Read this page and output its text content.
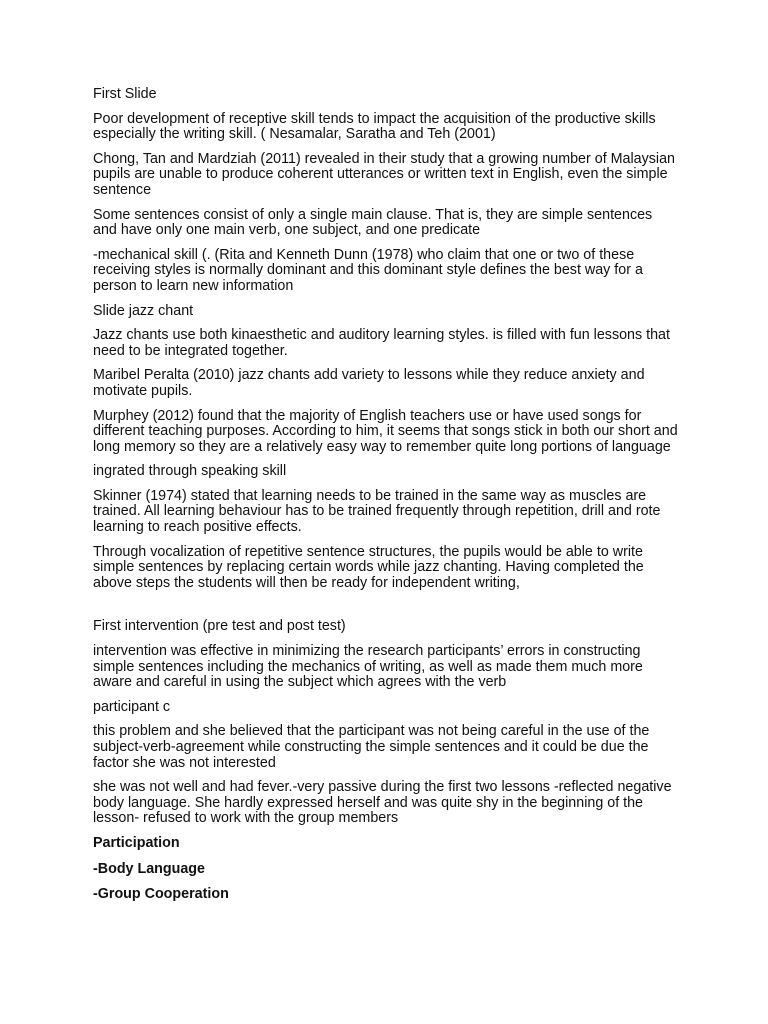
First Slide

Poor development of receptive skill tends to impact the acquisition of the productive skills
especially the writing skill. ( Nesamalar, Saratha and Teh (2001)

Chong, Tan and Mardziah (2011) revealed in their study that a growing number of Malaysian
pupils are unable to produce coherent utterances or written text in English, even the simple
sentence

Some sentences consist of only a single main clause. That is, they are simple sentences
and have only one main verb, one subject, and one predicate

-mechanical skill (. (Rita and Kenneth Dunn (1978) who claim that one or two of these
receiving styles is normally dominant and this dominant style defines the best way for a
person to learn new information

Slide jazz chant

Jazz chants use both kinaesthetic and auditory learning styles. is filled with fun lessons that
need to be integrated together.

Maribel Peralta (2010) jazz chants add variety to lessons while they reduce anxiety and
motivate pupils.

Murphey (2012) found that the majority of English teachers use or have used songs for
different teaching purposes. According to him, it seems that songs stick in both our short and
long memory so they are a relatively easy way to remember quite long portions of language

ingrated through speaking skill

Skinner (1974) stated that learning needs to be trained in the same way as muscles are
trained. All learning behaviour has to be trained frequently through repetition, drill and rote
learning to reach positive effects.

Through vocalization of repetitive sentence structures, the pupils would be able to write
simple sentences by replacing certain words while jazz chanting. Having completed the
above steps the students will then be ready for independent writing,

First intervention (pre test and post test)

intervention was effective in minimizing the research participants’ errors in constructing
simple sentences including the mechanics of writing, as well as made them much more
aware and careful in using the subject which agrees with the verb

participant c

this problem and she believed that the participant was not being careful in the use of the
subject-verb-agreement while constructing the simple sentences and it could be due the
factor she was not interested

she was not well and had fever.-very passive during the first two lessons -reflected negative
body language. She hardly expressed herself and was quite shy in the beginning of the
lesson- refused to work with the group members

Participation

-Body Language

-Group Cooperation
